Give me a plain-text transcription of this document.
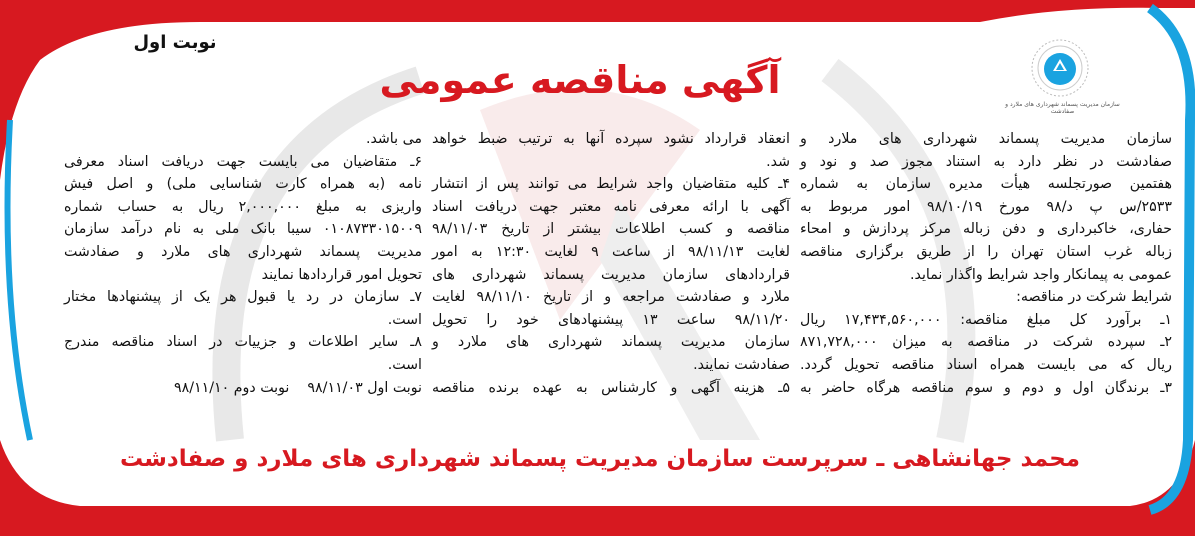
نوبت اول
آگهی مناقصه عمومی
سازمان مدیریت پسماند شهرداری های ملارد و صفادشت
سازمان مدیریت پسماند شهرداری های ملارد و
صفادشت در نظر دارد به استناد مجوز صد و نود و
هفتمین صورتجلسه هیأت مدیره سازمان به شماره
۲۵۳۳/س پ د/۹۸ مورخ ۹۸/۱۰/۱۹ امور مربوط به
حفاری، خاکبرداری و دفن زباله مرکز پردازش و امحاء
زباله غرب استان تهران را از طریق برگزاری مناقصه
عمومی به پیمانکار واجد شرایط واگذار نماید.
شرایط شرکت در مناقصه:
۱ـ برآورد کل مبلغ مناقصه: ۱۷,۴۳۴,۵۶۰,۰۰۰ ریال
۲ـ سپرده شرکت در مناقصه به میزان ۸۷۱,۷۲۸,۰۰۰
ریال که می بایست همراه اسناد مناقصه تحویل گردد.
۳ـ برندگان اول و دوم و سوم مناقصه هرگاه حاضر به
انعقاد قرارداد نشود سپرده آنها به ترتیب ضبط خواهد
شد.
۴ـ کلیه متقاضیان واجد شرایط می توانند پس از انتشار
آگهی با ارائه معرفی نامه معتبر جهت دریافت اسناد
مناقصه و کسب اطلاعات بیشتر از تاریخ ۹۸/۱۱/۰۳
لغایت ۹۸/۱۱/۱۳ از ساعت ۹ لغایت ۱۲:۳۰ به امور
قراردادهای سازمان مدیریت پسماند شهرداری های
ملارد و صفادشت مراجعه و از تاریخ ۹۸/۱۱/۱۰ لغایت
۹۸/۱۱/۲۰ ساعت ۱۳ پیشنهادهای خود را تحویل
سازمان مدیریت پسماند شهرداری های ملارد و
صفادشت نمایند.
۵ـ هزینه آگهی و کارشناس به عهده برنده مناقصه
می باشد.
۶ـ متقاضیان می بایست جهت دریافت اسناد معرفی
نامه (به همراه کارت شناسایی ملی) و اصل فیش
واریزی به مبلغ ۲,۰۰۰,۰۰۰ ریال به حساب شماره
۰۱۰۸۷۳۳۰۱۵۰۰۹ سیبا بانک ملی به نام درآمد سازمان
مدیریت پسماند شهرداری های ملارد و صفادشت
تحویل امور قراردادها نمایند
۷ـ سازمان در رد یا قبول هر یک از پیشنهادها مختار
است.
۸ـ سایر اطلاعات و جزییات در اسناد مناقصه مندرج
است.
نوبت اول ۹۸/۱۱/۰۳    نوبت دوم ۹۸/۱۱/۱۰
محمد جهانشاهی ـ سرپرست سازمان مدیریت پسماند شهرداری های ملارد و صفادشت
